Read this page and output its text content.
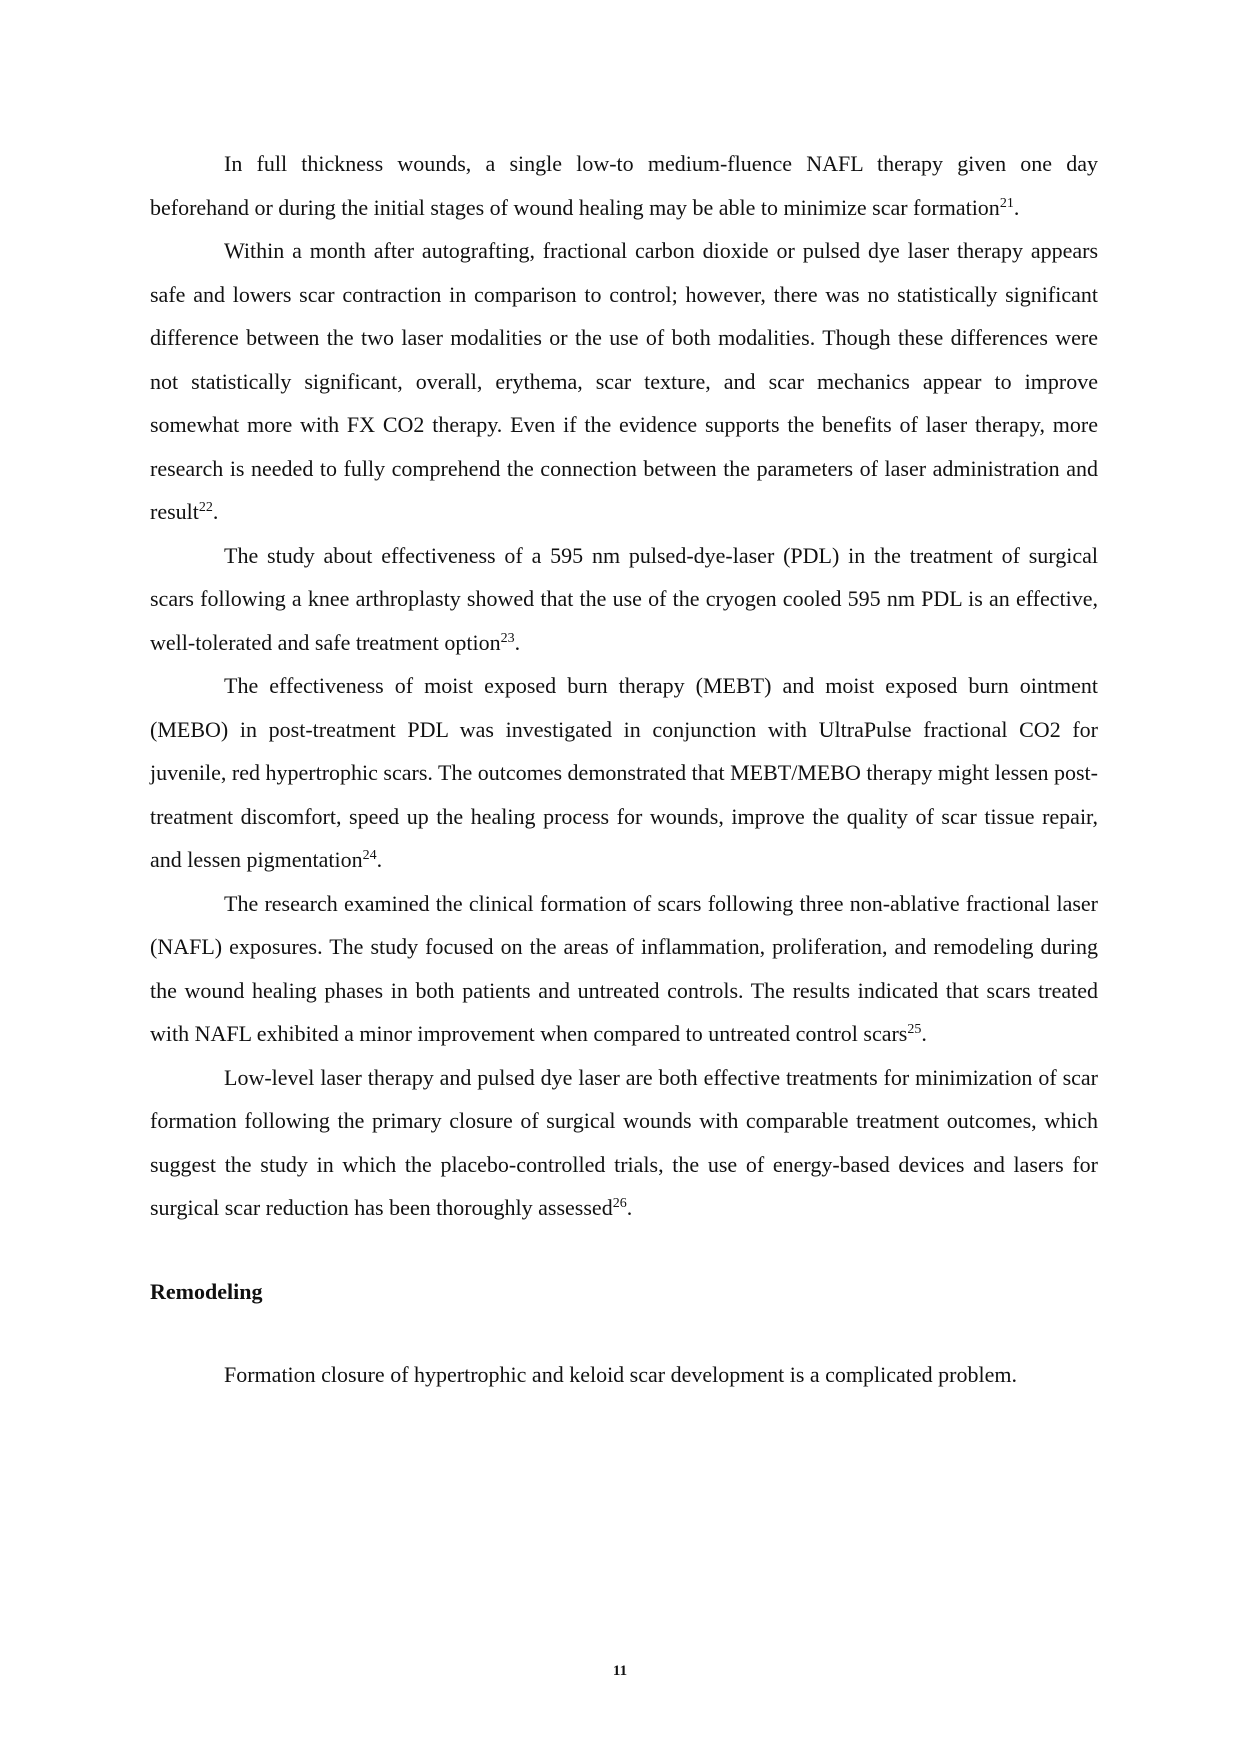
In full thickness wounds, a single low-to medium-fluence NAFL therapy given one day beforehand or during the initial stages of wound healing may be able to minimize scar formation$^{21}$.

Within a month after autografting, fractional carbon dioxide or pulsed dye laser therapy appears safe and lowers scar contraction in comparison to control; however, there was no statistically significant difference between the two laser modalities or the use of both modalities. Though these differences were not statistically significant, overall, erythema, scar texture, and scar mechanics appear to improve somewhat more with FX CO2 therapy. Even if the evidence supports the benefits of laser therapy, more research is needed to fully comprehend the connection between the parameters of laser administration and result$^{22}$.

The study about effectiveness of a 595 nm pulsed-dye-laser (PDL) in the treatment of surgical scars following a knee arthroplasty showed that the use of the cryogen cooled 595 nm PDL is an effective, well-tolerated and safe treatment option$^{23}$.

The effectiveness of moist exposed burn therapy (MEBT) and moist exposed burn ointment (MEBO) in post-treatment PDL was investigated in conjunction with UltraPulse fractional CO2 for juvenile, red hypertrophic scars. The outcomes demonstrated that MEBT/MEBO therapy might lessen post-treatment discomfort, speed up the healing process for wounds, improve the quality of scar tissue repair, and lessen pigmentation$^{24}$.

The research examined the clinical formation of scars following three non-ablative fractional laser (NAFL) exposures. The study focused on the areas of inflammation, proliferation, and remodeling during the wound healing phases in both patients and untreated controls. The results indicated that scars treated with NAFL exhibited a minor improvement when compared to untreated control scars$^{25}$.

Low-level laser therapy and pulsed dye laser are both effective treatments for minimization of scar formation following the primary closure of surgical wounds with comparable treatment outcomes, which suggest the study in which the placebo-controlled trials, the use of energy-based devices and lasers for surgical scar reduction has been thoroughly assessed$^{26}$.

Remodeling

Formation closure of hypertrophic and keloid scar development is a complicated problem.

11
